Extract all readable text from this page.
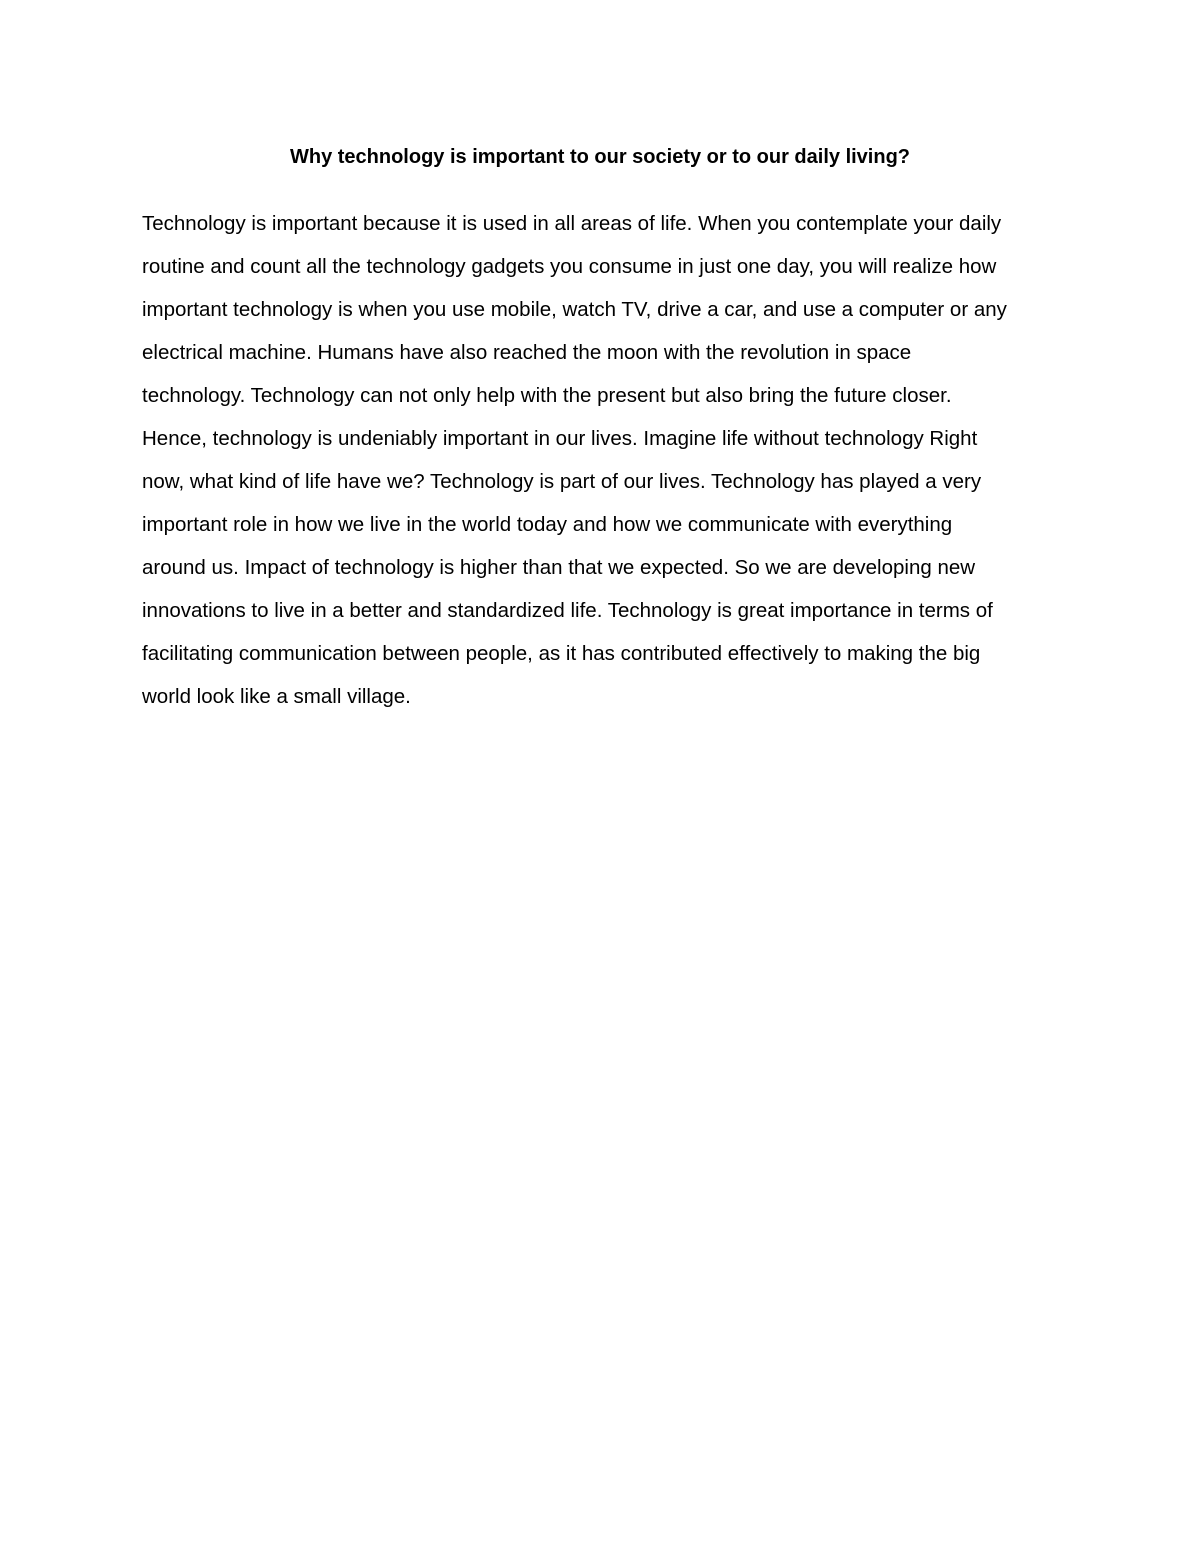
Why technology is important to our society or to our daily living?
Technology is important because it is used in all areas of life. When you contemplate your daily
routine and count all the technology gadgets you consume in just one day, you will realize how
important technology is when you use mobile, watch TV, drive a car, and use a computer or any
electrical machine. Humans have also reached the moon with the revolution in space
technology. Technology can not only help with the present but also bring the future closer.
Hence, technology is undeniably important in our lives. Imagine life without technology Right
now, what kind of life have we? Technology is part of our lives. Technology has played a very
important role in how we live in the world today and how we communicate with everything
around us. Impact of technology is higher than that we expected. So we are developing new
innovations to live in a better and standardized life. Technology is great importance in terms of
facilitating communication between people, as it has contributed effectively to making the big
world look like a small village.
